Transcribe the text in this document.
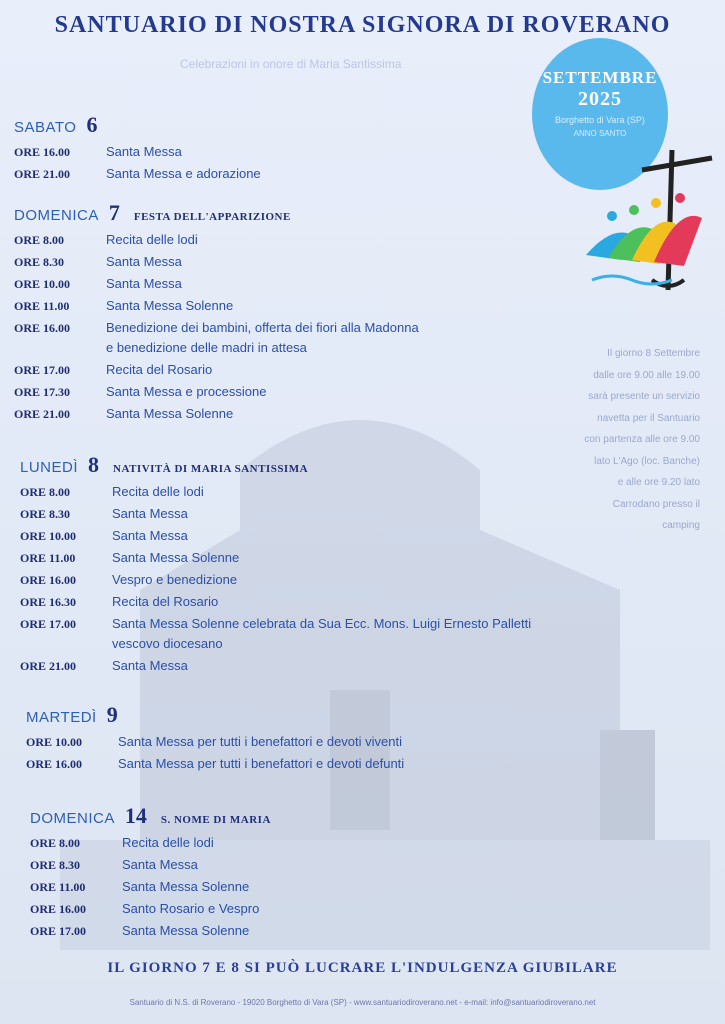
SANTUARIO DI NOSTRA SIGNORA DI ROVERANO
Celebrazioni in onore di Maria Santissima
SETTEMBRE
2025
Borghetto di Vara (SP)
ANNO SANTO
SABATO 6
ORE 16.00	Santa Messa
ORE 21.00	Santa Messa e adorazione
DOMENICA 7 FESTA DELL'APPARIZIONE
ORE 8.00	Recita delle lodi
ORE 8.30	Santa Messa
ORE 10.00	Santa Messa
ORE 11.00	Santa Messa Solenne
ORE 16.00	Benedizione dei bambini, offerta dei fiori alla Madonna
e benedizione delle madri in attesa
ORE 17.00	Recita del Rosario
ORE 17.30	Santa Messa e processione
ORE 21.00	Santa Messa Solenne
LUNEDÌ 8 NATIVITÀ DI MARIA SANTISSIMA
ORE 8.00	Recita delle lodi
ORE 8.30	Santa Messa
ORE 10.00	Santa Messa
ORE 11.00	Santa Messa Solenne
ORE 16.00	Vespro e benedizione
ORE 16.30	Recita del Rosario
ORE 17.00	Santa Messa Solenne celebrata da Sua Ecc. Mons. Luigi Ernesto Palletti
vescovo diocesano
ORE 21.00	Santa Messa
MARTEDÌ 9
ORE 10.00	Santa Messa per tutti i benefattori e devoti viventi
ORE 16.00	Santa Messa per tutti i benefattori e devoti defunti
DOMENICA 14 S. NOME DI MARIA
ORE 8.00	Recita delle lodi
ORE 8.30	Santa Messa
ORE 11.00	Santa Messa Solenne
ORE 16.00	Santo Rosario e Vespro
ORE 17.00	Santa Messa Solenne
Il giorno 8 Settembre
dalle ore 9.00 alle 19.00
sarà presente un servizio
navetta per il Santuario
con partenza alle ore 9.00
lato L'Ago (loc. Banche)
e alle ore 9.20 lato
Carrodano presso il
camping
IL GIORNO 7 E 8 SI PUÒ LUCRARE L'INDULGENZA GIUBILARE
Santuario di N.S. di Roverano - 19020 Borghetto di Vara (SP) - www.santuariodiroverano.net - e-mail: info@santuariodiroverano.net
